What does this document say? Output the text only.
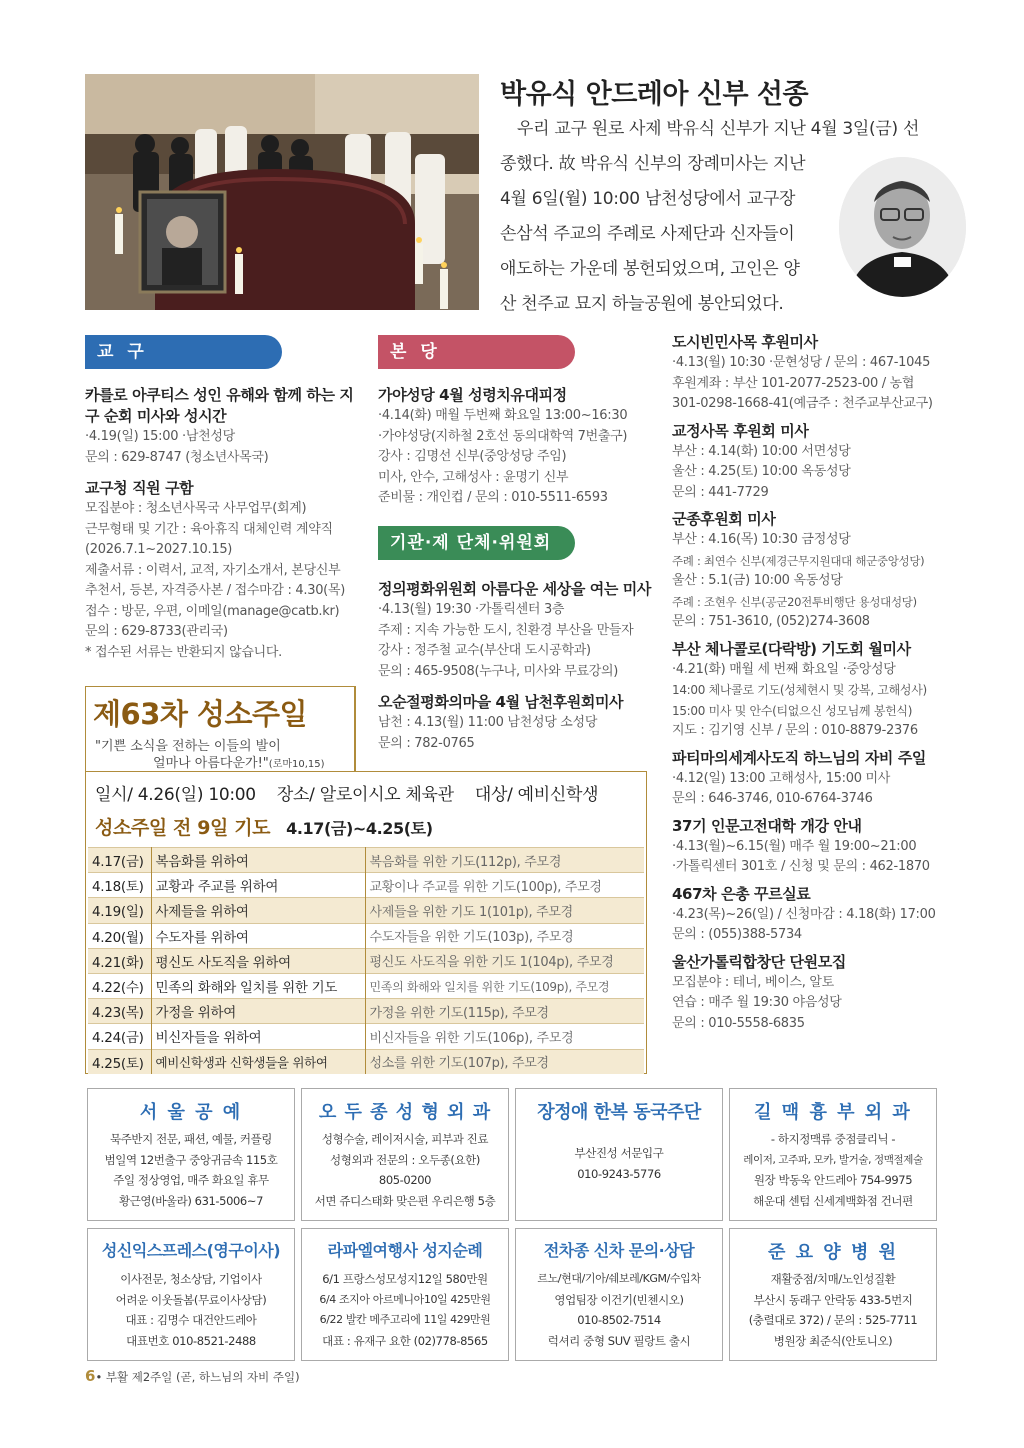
박유식 안드레아 신부 선종

우리 교구 원로 사제 박유식 신부가 지난 4월 3일(금) 선

종했다. 故 박유식 신부의 장례미사는 지난

4월 6일(월) 10:00 남천성당에서 교구장

손삼석 주교의 주례로 사제단과 신자들이

애도하는 가운데 봉헌되었으며, 고인은 양

산 천주교 묘지 하늘공원에 봉안되었다.

교 구	본 당
기관·제 단체·위원회
카를로 아쿠티스 성인 유해와 함께 하는 지구 순회 미사와 성시간
·4.19(일) 15:00 ·남천성당
문의 : 629-8747 (청소년사목국)
교구청 직원 구함
모집분야 : 청소년사목국 사무업무(회계)
근무형태 및 기간 : 육아휴직 대체인력 계약직
(2026.7.1~2027.10.15)
제출서류 : 이력서, 교적, 자기소개서, 본당신부
추천서, 등본, 자격증사본 / 접수마감 : 4.30(목)
접수 : 방문, 우편, 이메일(manage@catb.kr)
문의 : 629-8733(관리국)
* 접수된 서류는 반환되지 않습니다.
가야성당 4월 성령치유대피정
·4.14(화) 매월 두번째 화요일 13:00~16:30
·가야성당(지하철 2호선 동의대학역 7번출구)
강사 : 김명선 신부(중앙성당 주임)
미사, 안수, 고해성사 : 윤명기 신부
준비물 : 개인컵 / 문의 : 010-5511-6593
정의평화위원회 아름다운 세상을 여는 미사
·4.13(월) 19:30 ·가톨릭센터 3층
주제 : 지속 가능한 도시, 친환경 부산을 만들자
강사 : 정주철 교수(부산대 도시공학과)
문의 : 465-9508(누구나, 미사와 무료강의)
오순절평화의마을 4월 남천후원회미사
남천 : 4.13(월) 11:00 남천성당 소성당
문의 : 782-0765
도시빈민사목 후원미사
·4.13(월) 10:30 ·문현성당 / 문의 : 467-1045
후원계좌 : 부산 101-2077-2523-00 / 농협
301-0298-1668-41(예금주 : 천주교부산교구)
교정사목 후원회 미사
부산 : 4.14(화) 10:00 서면성당
울산 : 4.25(토) 10:00 옥동성당
문의 : 441-7729
군종후원회 미사
부산 : 4.16(목) 10:30 금정성당
주례 : 최연수 신부(제경근무지원대대 해군중앙성당)
울산 : 5.1(금) 10:00 옥동성당
주례 : 조현우 신부(공군20전투비행단 용성대성당)
문의 : 751-3610, (052)274-3608
부산 체나콜로(다락방) 기도회 월미사
·4.21(화) 매월 세 번째 화요일 ·중앙성당
14:00 체나콜로 기도(성체현시 및 강복, 고해성사)
15:00 미사 및 안수(티없으신 성모님께 봉헌식)
지도 : 김기영 신부 / 문의 : 010-8879-2376
파티마의세계사도직 하느님의 자비 주일
·4.12(일) 13:00 고해성사, 15:00 미사
문의 : 646-3746, 010-6764-3746
37기 인문고전대학 개강 안내
·4.13(월)~6.15(월) 매주 월 19:00~21:00
·가톨릭센터 301호 / 신청 및 문의 : 462-1870
467차 은총 꾸르실료
·4.23(목)~26(일) / 신청마감 : 4.18(화) 17:00
문의 : (055)388-5734
울산가톨릭합창단 단원모집
모집분야 : 테너, 베이스, 알토
연습 : 매주 월 19:30 야음성당
문의 : 010-5558-6835
제63차 성소주일
"기쁜 소식을 전하는 이들의 발이
얼마나 아름다운가!"(로마10,15)
일시/ 4.26(일) 10:00 장소/ 알로이시오 체육관 대상/ 예비신학생
성소주일 전 9일 기도 4.17(금)~4.25(토)
4.17(금)	복음화를 위하여	복음화를 위한 기도(112p), 주모경
4.18(토)	교황과 주교를 위하여	교황이나 주교를 위한 기도(100p), 주모경
4.19(일)	사제들을 위하여	사제들을 위한 기도 1(101p), 주모경
4.20(월)	수도자를 위하여	수도자들을 위한 기도(103p), 주모경
4.21(화)	평신도 사도직을 위하여	평신도 사도직을 위한 기도 1(104p), 주모경
4.22(수)	민족의 화해와 일치를 위한 기도	민족의 화해와 일치를 위한 기도(109p), 주모경
4.23(목)	가정을 위하여	가정을 위한 기도(115p), 주모경
4.24(금)	비신자들을 위하여	비신자들을 위한 기도(106p), 주모경
4.25(토)	예비신학생과 신학생들을 위하여	성소를 위한 기도(107p), 주모경
서 울 공 예
묵주반지 전문, 패션, 예물, 커플링
범일역 12번출구 중앙귀금속 115호
주일 정상영업, 매주 화요일 휴무
황근영(바울라) 631-5006~7
오 두 종 성 형 외 과
성형수술, 레이저시술, 피부과 진료
성형외과 전문의 : 오두종(요한)
805-0200
서면 쥬디스태화 맞은편 우리은행 5층
장정애 한복 동국주단
부산진성 서문입구
010-9243-5776
길 맥 흉 부 외 과
- 하지정맥류 중점클리닉 -
레이저, 고주파, 모카, 발거술, 정맥절제술
원장 박동욱 안드레아 754-9975
해운대 센텀 신세계백화점 건너편
성신익스프레스(영구이사)
이사전문, 청소상담, 기업이사
어려운 이웃돌봄(무료이사상담)
대표 : 김명수 대건안드레아
대표번호 010-8521-2488
라파엘여행사 성지순례
6/1 프랑스성모성지12일 580만원
6/4 조지아 아르메니아10일 425만원
6/22 발칸 메주고리에 11일 429만원
대표 : 유재구 요한 (02)778-8565
전차종 신차 문의·상담
르노/현대/기아/쉐보레/KGM/수입차
영업팀장 이건기(빈첸시오)
010-8502-7514
럭셔리 중형 SUV 필랑트 출시
준 요 양 병 원
재활중점/치매/노인성질환
부산시 동래구 안락동 433-5번지
(충렬대로 372) / 문의 : 525-7711
병원장 최준식(안토니오)
6• 부활 제2주일 (곧, 하느님의 자비 주일)
